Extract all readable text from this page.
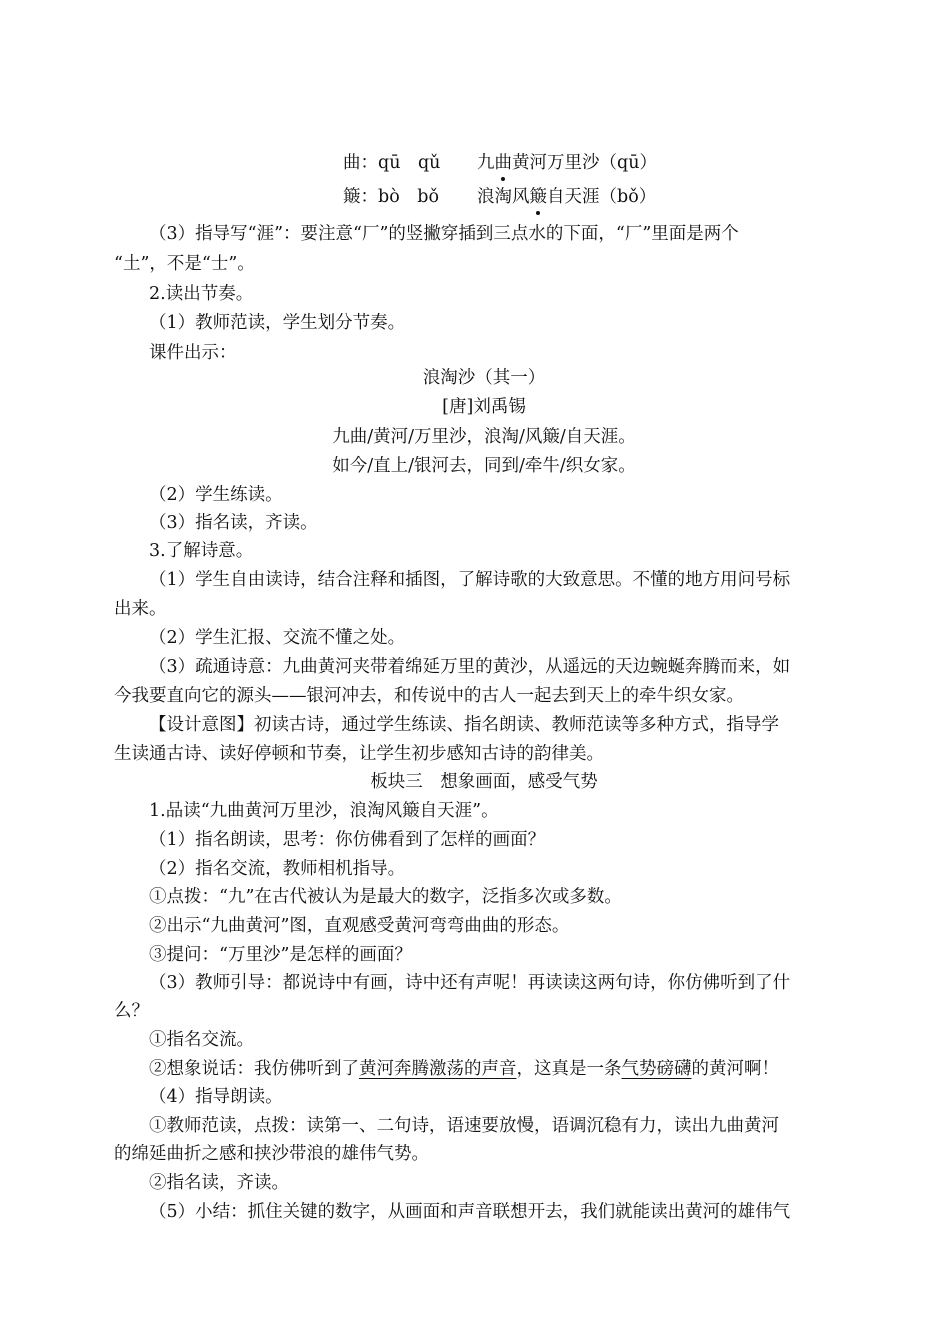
曲：qū　qǔ 九曲黄河万里沙（qū）
簸：bò　bǒ 浪淘风簸自天涯（bǒ）
（3）指导写“涯”：要注意“厂”的竖撇穿插到三点水的下面，“厂”里面是两个
“土”，不是“士”。
2.读出节奏。
（1）教师范读，学生划分节奏。
课件出示：
浪淘沙（其一）
[唐]刘禹锡
九曲/黄河/万里沙，浪淘/风簸/自天涯。
如今/直上/银河去，同到/牵牛/织女家。
（2）学生练读。
（3）指名读，齐读。
3.了解诗意。
（1）学生自由读诗，结合注释和插图，了解诗歌的大致意思。不懂的地方用问号标
出来。
（2）学生汇报、交流不懂之处。
（3）疏通诗意：九曲黄河夹带着绵延万里的黄沙，从遥远的天边蜿蜒奔腾而来，如
今我要直向它的源头——银河冲去，和传说中的古人一起去到天上的牵牛织女家。
【设计意图】初读古诗，通过学生练读、指名朗读、教师范读等多种方式，指导学
生读通古诗、读好停顿和节奏，让学生初步感知古诗的韵律美。
板块三　想象画面，感受气势
1.品读“九曲黄河万里沙，浪淘风簸自天涯”。
（1）指名朗读，思考：你仿佛看到了怎样的画面？
（2）指名交流，教师相机指导。
①点拨：“九”在古代被认为是最大的数字，泛指多次或多数。
②出示“九曲黄河”图，直观感受黄河弯弯曲曲的形态。
③提问：“万里沙”是怎样的画面？
（3）教师引导：都说诗中有画，诗中还有声呢！再读读这两句诗，你仿佛听到了什
么？
①指名交流。
②想象说话：我仿佛听到了黄河奔腾激荡的声音，这真是一条气势磅礴的黄河啊！
（4）指导朗读。
①教师范读，点拨：读第一、二句诗，语速要放慢，语调沉稳有力，读出九曲黄河
的绵延曲折之感和挟沙带浪的雄伟气势。
②指名读，齐读。
（5）小结：抓住关键的数字，从画面和声音联想开去，我们就能读出黄河的雄伟气
